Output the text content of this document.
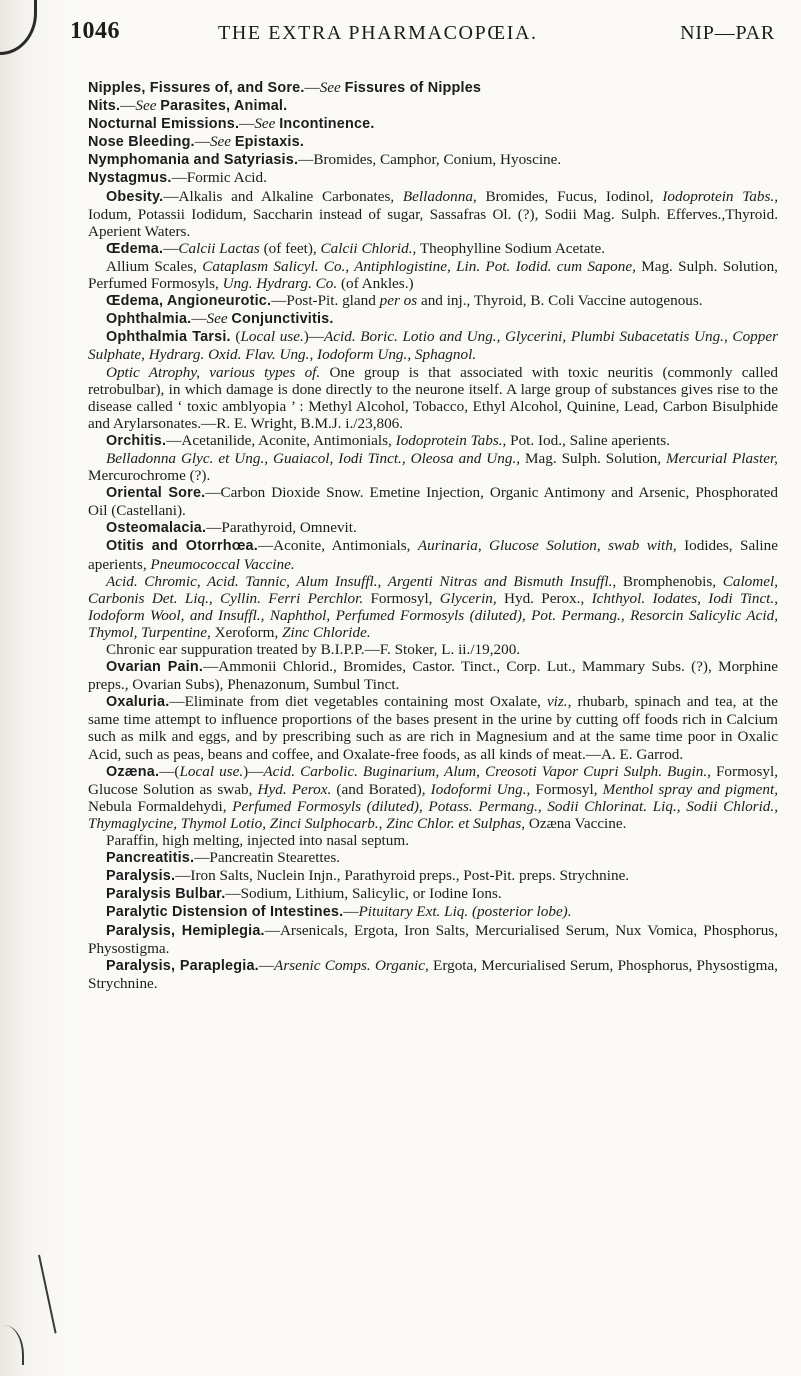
1046	THE EXTRA PHARMACOPŒIA.	NIP—PAR

Nipples, Fissures of, and Sore.—See Fissures of Nipples

Nits.—See Parasites, Animal.

Nocturnal Emissions.—See Incontinence.

Nose Bleeding.—See Epistaxis.

Nymphomania and Satyriasis.—Bromides, Camphor, Conium, Hyoscine.

Nystagmus.—Formic Acid.

Obesity.—Alkalis and Alkaline Carbonates, Belladonna, Bromides, Fucus, Iodinol, Iodoprotein Tabs., Iodum, Potassii Iodidum, Saccharin instead of sugar, Sassafras Ol. (?), Sodii Mag. Sulph. Efferves.,Thyroid. Aperient Waters.

Œdema.—Calcii Lactas (of feet), Calcii Chlorid., Theophylline Sodium Acetate.

Allium Scales, Cataplasm Salicyl. Co., Antiphlogistine, Lin. Pot. Iodid. cum Sapone, Mag. Sulph. Solution, Perfumed Formosyls, Ung. Hydrarg. Co. (of Ankles.)

Œdema, Angioneurotic.—Post-Pit. gland per os and inj., Thyroid, B. Coli Vaccine autogenous.

Ophthalmia.—See Conjunctivitis.

Ophthalmia Tarsi. (Local use.)—Acid. Boric. Lotio and Ung., Glycerini, Plumbi Subacetatis Ung., Copper Sulphate, Hydrarg. Oxid. Flav. Ung., Iodoform Ung., Sphagnol.

Optic Atrophy, various types of. One group is that associated with toxic neuritis (commonly called retrobulbar), in which damage is done directly to the neurone itself. A large group of substances gives rise to the disease called ‘ toxic amblyopia ’ : Methyl Alcohol, Tobacco, Ethyl Alcohol, Quinine, Lead, Carbon Bisulphide and Arylarsonates.—R. E. Wright, B.M.J. i./23,806.

Orchitis.—Acetanilide, Aconite, Antimonials, Iodoprotein Tabs., Pot. Iod., Saline aperients.

Belladonna Glyc. et Ung., Guaiacol, Iodi Tinct., Oleosa and Ung., Mag. Sulph. Solution, Mercurial Plaster, Mercurochrome (?).

Oriental Sore.—Carbon Dioxide Snow. Emetine Injection, Organic Antimony and Arsenic, Phosphorated Oil (Castellani).

Osteomalacia.—Parathyroid, Omnevit.

Otitis and Otorrhœa.—Aconite, Antimonials, Aurinaria, Glucose Solution, swab with, Iodides, Saline aperients, Pneumococcal Vaccine.

Acid. Chromic, Acid. Tannic, Alum Insuffl., Argenti Nitras and Bismuth Insuffl., Bromphenobis, Calomel, Carbonis Det. Liq., Cyllin. Ferri Perchlor. Formosyl, Glycerin, Hyd. Perox., Ichthyol. Iodates, Iodi Tinct., Iodoform Wool, and Insuffl., Naphthol, Perfumed Formosyls (diluted), Pot. Permang., Resorcin Salicylic Acid, Thymol, Turpentine, Xeroform, Zinc Chloride.

Chronic ear suppuration treated by B.I.P.P.—F. Stoker, L. ii./19,200.

Ovarian Pain.—Ammonii Chlorid., Bromides, Castor. Tinct., Corp. Lut., Mammary Subs. (?), Morphine preps., Ovarian Subs), Phenazonum, Sumbul Tinct.

Oxaluria.—Eliminate from diet vegetables containing most Oxalate, viz., rhubarb, spinach and tea, at the same time attempt to influence proportions of the bases present in the urine by cutting off foods rich in Calcium such as milk and eggs, and by prescribing such as are rich in Magnesium and at the same time poor in Oxalic Acid, such as peas, beans and coffee, and Oxalate-free foods, as all kinds of meat.—A. E. Garrod.

Ozæna.—(Local use.)—Acid. Carbolic. Buginarium, Alum, Creosoti Vapor Cupri Sulph. Bugin., Formosyl, Glucose Solution as swab, Hyd. Perox. (and Borated), Iodoformi Ung., Formosyl, Menthol spray and pigment, Nebula Formaldehydi, Perfumed Formosyls (diluted), Potass. Permang., Sodii Chlorinat. Liq., Sodii Chlorid., Thymaglycine, Thymol Lotio, Zinci Sulphocarb., Zinc Chlor. et Sulphas, Ozæna Vaccine.

Paraffin, high melting, injected into nasal septum.

Pancreatitis.—Pancreatin Stearettes.

Paralysis.—Iron Salts, Nuclein Injn., Parathyroid preps., Post-Pit. preps. Strychnine.

Paralysis Bulbar.—Sodium, Lithium, Salicylic, or Iodine Ions.

Paralytic Distension of Intestines.—Pituitary Ext. Liq. (posterior lobe).

Paralysis, Hemiplegia.—Arsenicals, Ergota, Iron Salts, Mercurialised Serum, Nux Vomica, Phosphorus, Physostigma.

Paralysis, Paraplegia.—Arsenic Comps. Organic, Ergota, Mercurialised Serum, Phosphorus, Physostigma, Strychnine.
